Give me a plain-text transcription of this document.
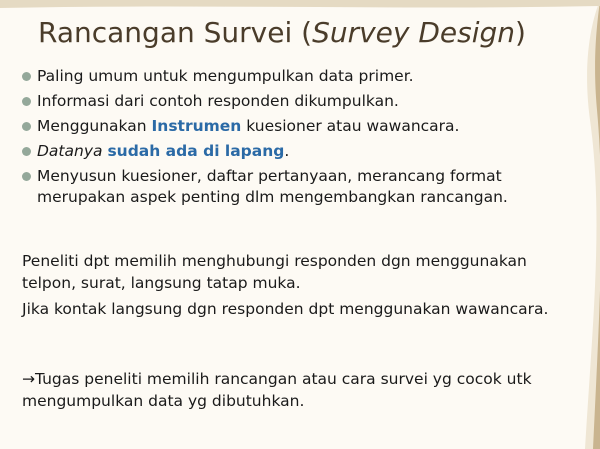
Rancangan Survei (Survey Design)
Paling umum untuk mengumpulkan data primer.
Informasi dari contoh responden dikumpulkan.
Menggunakan Instrumen kuesioner atau wawancara.
Datanya sudah ada di lapang.
Menyusun kuesioner, daftar pertanyaan, merancang format merupakan aspek penting dlm mengembangkan rancangan.

Peneliti dpt memilih menghubungi responden dgn menggunakan telpon, surat, langsung tatap muka.

Jika kontak langsung dgn responden dpt menggunakan wawancara.

→Tugas peneliti memilih rancangan atau cara survei yg cocok utk mengumpulkan data yg dibutuhkan.
